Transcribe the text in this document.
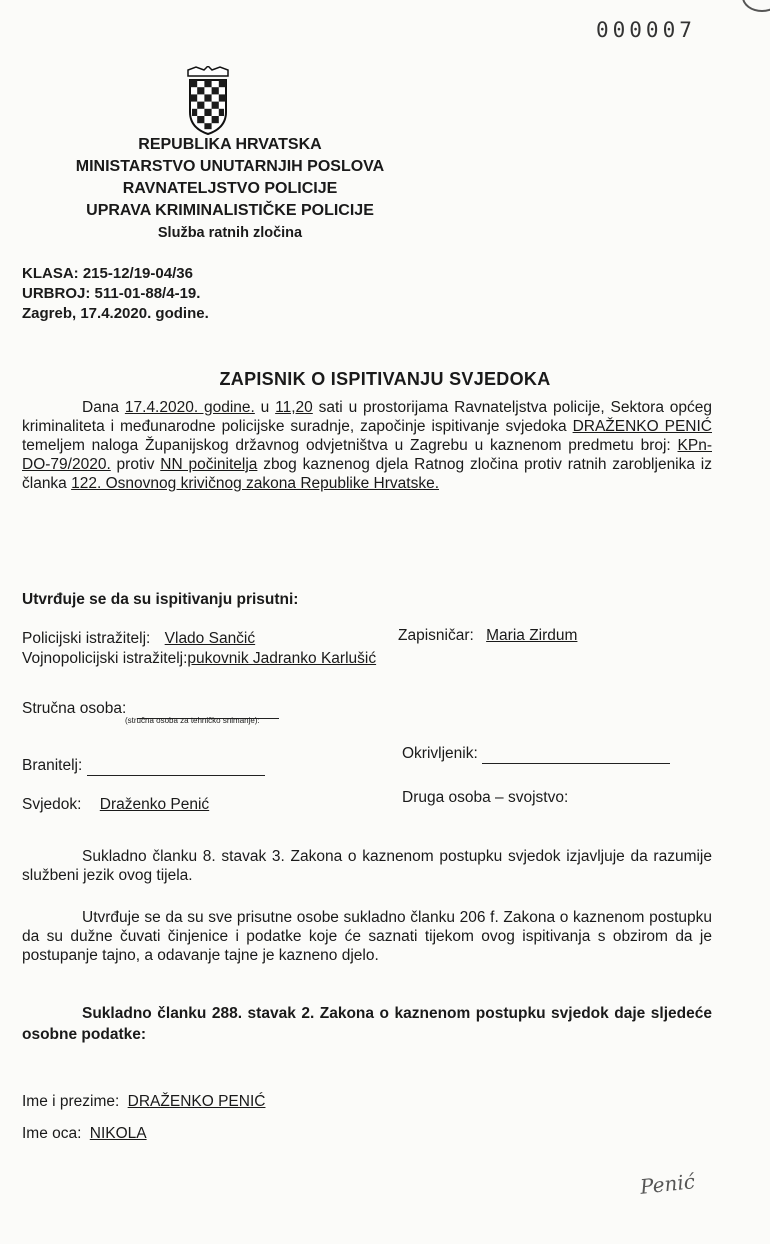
000007
REPUBLIKA HRVATSKA
MINISTARSTVO UNUTARNJIH POSLOVA
RAVNATELJSTVO POLICIJE
UPRAVA KRIMINALISTIČKE POLICIJE
Služba ratnih zločina
KLASA: 215-12/19-04/36
URBROJ: 511-01-88/4-19.
Zagreb, 17.4.2020. godine.
ZAPISNIK O ISPITIVANJU SVJEDOKA
Dana 17.4.2020. godine. u 11,20 sati u prostorijama Ravnateljstva policije, Sektora općeg kriminaliteta i međunarodne policijske suradnje, započinje ispitivanje svjedoka DRAŽENKO PENIĆ temeljem naloga Županijskog državnog odvjetništva u Zagrebu u kaznenom predmetu broj: KPn-DO-79/2020. protiv NN počinitelja zbog kaznenog djela Ratnog zločina protiv ratnih zarobljenika iz članka 122. Osnovnog krivičnog zakona Republike Hrvatske.
Utvrđuje se da su ispitivanju prisutni:
Policijski istražitelj: Vlado Sančić	Zapisničar: Maria Zirdum
Vojnopolicijski istražitelj:pukovnik Jadranko Karlušić
Stručna osoba:
(stručna osoba za tehničko snimanje):
Branitelj:
Okrivljenik:
Svjedok: Draženko Penić	Druga osoba – svojstvo:
Sukladno članku 8. stavak 3. Zakona o kaznenom postupku svjedok izjavljuje da razumije službeni jezik ovog tijela.
Utvrđuje se da su sve prisutne osobe sukladno članku 206 f. Zakona o kaznenom postupku da su dužne čuvati činjenice i podatke koje će saznati tijekom ovog ispitivanja s obzirom da je postupanje tajno, a odavanje tajne je kazneno djelo.
Sukladno članku 288. stavak 2. Zakona o kaznenom postupku svjedok daje sljedeće osobne podatke:
Ime i prezime: DRAŽENKO PENIĆ
Ime oca: NIKOLA
Penić
